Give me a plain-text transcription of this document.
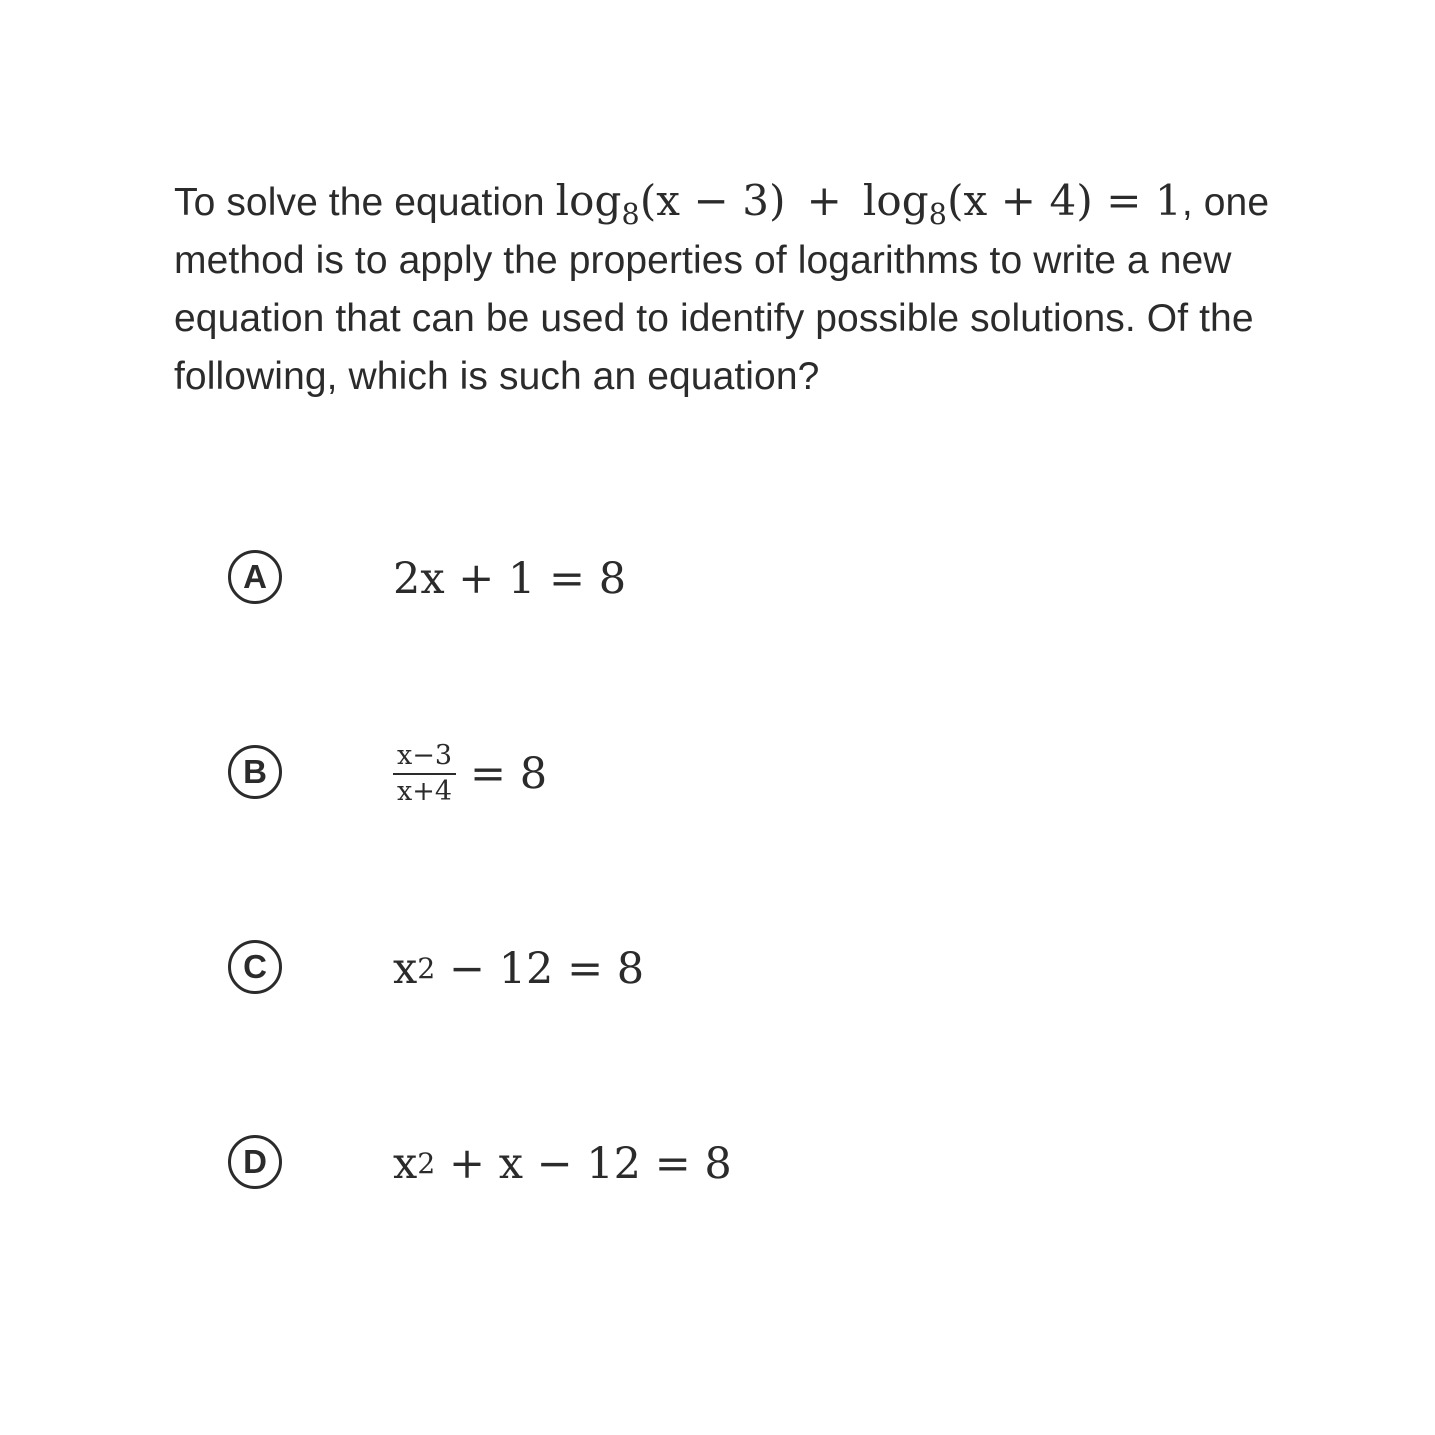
To solve the equation $\log_8(x - 3) + \log_8(x + 4) = 1$, one method is to apply the properties of logarithms to write a new equation that can be used to identify possible solutions. Of the following, which is such an equation?
A	2x + 1 = 8
B	$\frac{x-3}{x+4} = 8$
C	x 2
− 12 = 8
D	x 2
+ x − 12 = 8
